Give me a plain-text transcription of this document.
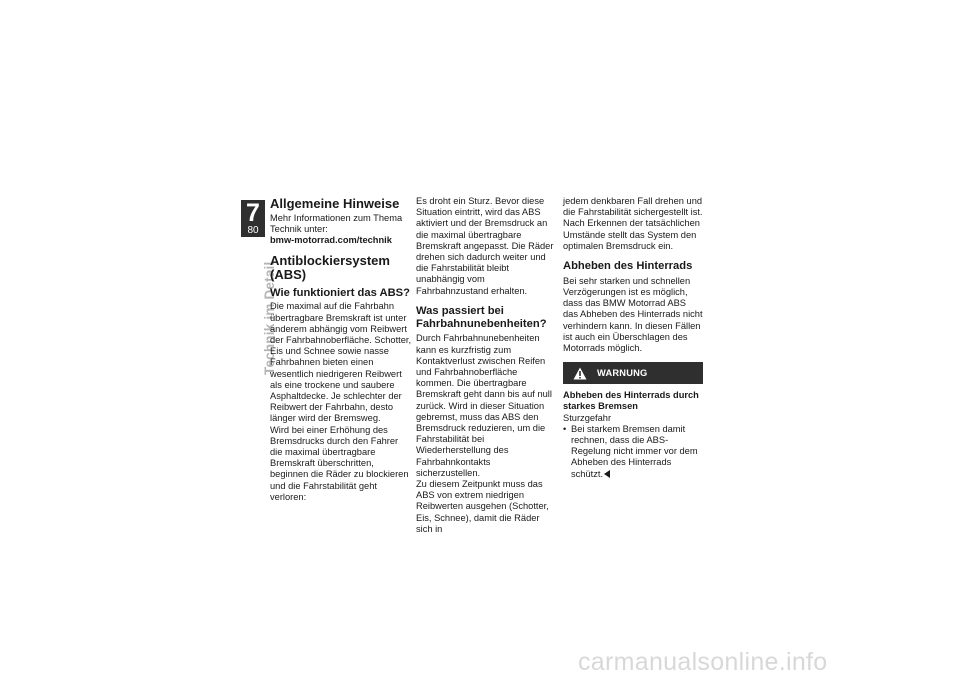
7
80
Technik im Detail
Allgemeine Hinweise

Mehr Informationen zum Thema Technik unter:

bmw-motorrad.com/technik

Antiblockiersystem (ABS)
Wie funktioniert das ABS?

Die maximal auf die Fahrbahn übertragbare Bremskraft ist unter anderem abhängig vom Reibwert der Fahrbahnoberfläche. Schotter, Eis und Schnee sowie nasse Fahrbahnen bieten einen wesentlich niedrigeren Reibwert als eine trockene und saubere Asphaltdecke. Je schlechter der Reibwert der Fahrbahn, desto länger wird der Bremsweg.

Wird bei einer Erhöhung des Bremsdrucks durch den Fahrer die maximal übertragbare Bremskraft überschritten, beginnen die Räder zu blockieren und die Fahrstabilität geht verloren:

Es droht ein Sturz. Bevor diese Situation eintritt, wird das ABS aktiviert und der Bremsdruck an die maximal übertragbare Bremskraft angepasst. Die Räder drehen sich dadurch weiter und die Fahrstabilität bleibt unabhängig vom Fahrbahnzustand erhalten.

Was passiert bei Fahrbahnunebenheiten?

Durch Fahrbahnunebenheiten kann es kurzfristig zum Kontaktverlust zwischen Reifen und Fahrbahnoberfläche kommen. Die übertragbare Bremskraft geht dann bis auf null zurück. Wird in dieser Situation gebremst, muss das ABS den Bremsdruck reduzieren, um die Fahrstabilität bei Wiederherstellung des Fahrbahnkontakts sicherzustellen.

Zu diesem Zeitpunkt muss das ABS von extrem niedrigen Reibwerten ausgehen (Schotter, Eis, Schnee), damit die Räder sich in

jedem denkbaren Fall drehen und die Fahrstabilität sichergestellt ist. Nach Erkennen der tatsächlichen Umstände stellt das System den optimalen Bremsdruck ein.

Abheben des Hinterrads

Bei sehr starken und schnellen Verzögerungen ist es möglich, dass das BMW Motorrad ABS das Abheben des Hinterrads nicht verhindern kann. In diesen Fällen ist auch ein Überschlagen des Motorrads möglich.

WARNUNG

Abheben des Hinterrads durch starkes Bremsen

Sturzgefahr

• Bei starkem Bremsen damit rechnen, dass die ABS-Regelung nicht immer vor dem Abheben des Hinterrads schützt.
carmanualsonline.info
